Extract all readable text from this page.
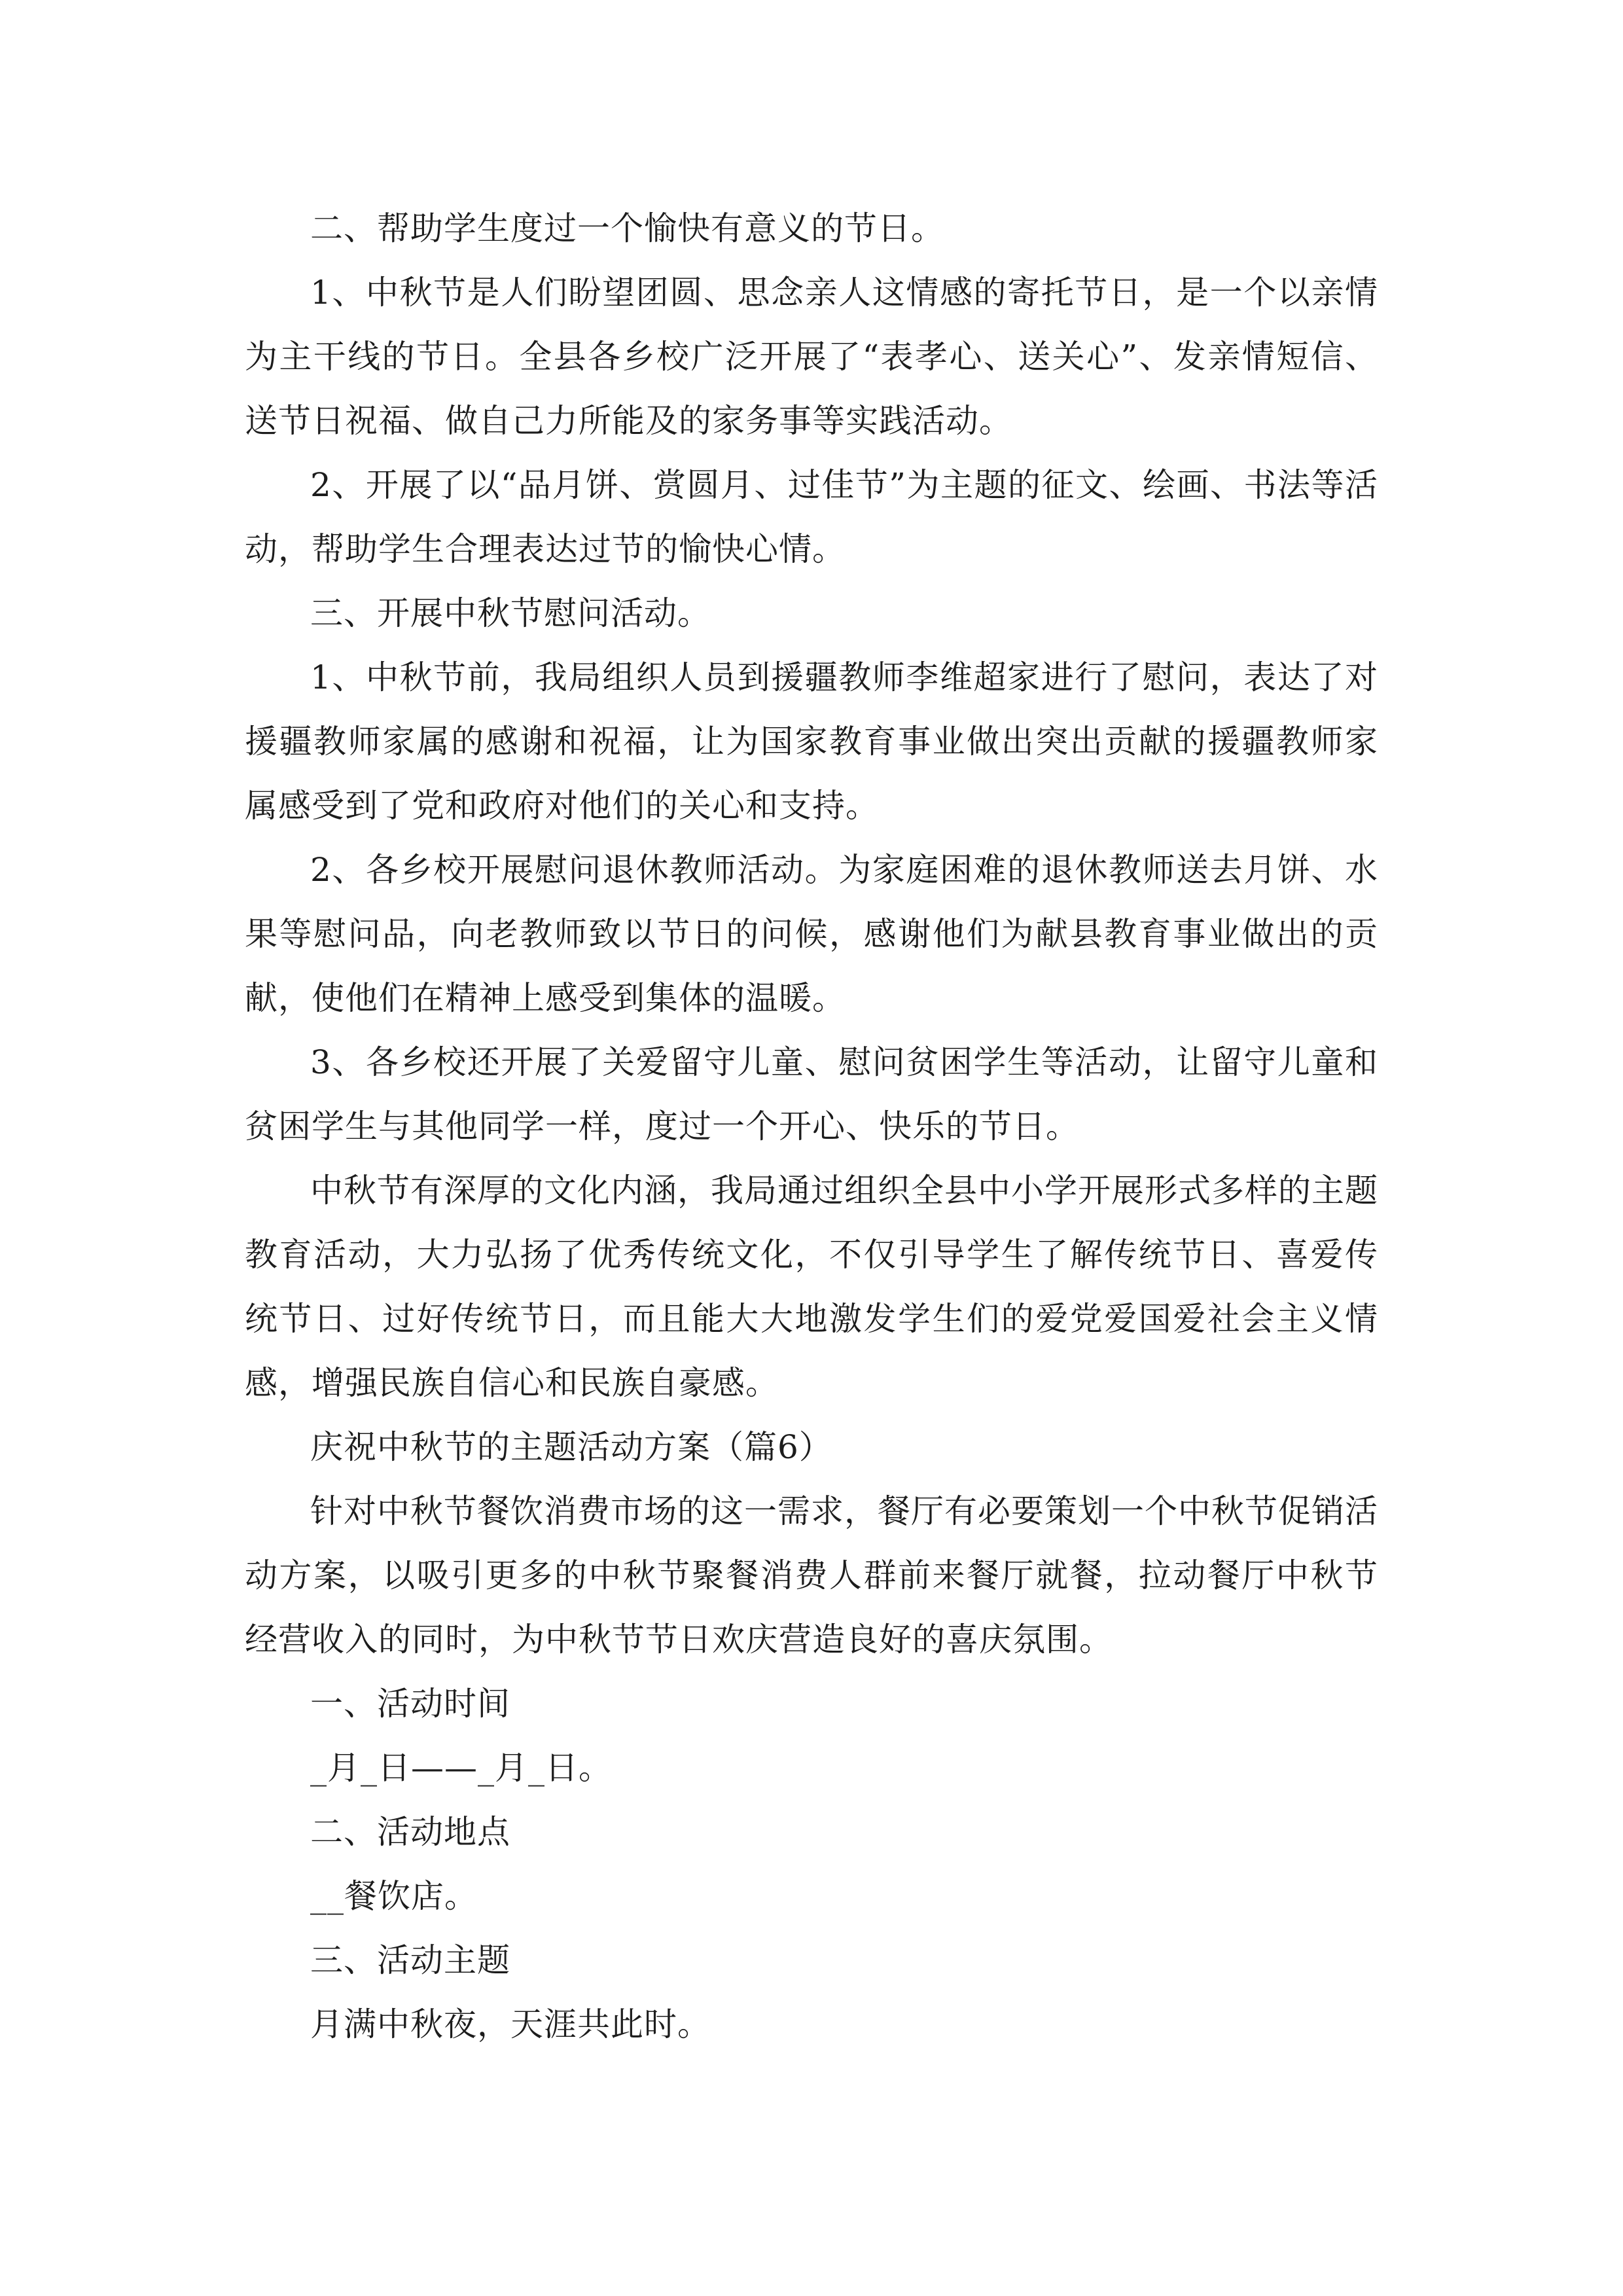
二、帮助学生度过一个愉快有意义的节日。

1、中秋节是人们盼望团圆、思念亲人这情感的寄托节日，是一个以亲情为主干线的节日。全县各乡校广泛开展了“表孝心、送关心”、发亲情短信、送节日祝福、做自己力所能及的家务事等实践活动。

2、开展了以“品月饼、赏圆月、过佳节”为主题的征文、绘画、书法等活动，帮助学生合理表达过节的愉快心情。

三、开展中秋节慰问活动。

1、中秋节前，我局组织人员到援疆教师李维超家进行了慰问，表达了对援疆教师家属的感谢和祝福，让为国家教育事业做出突出贡献的援疆教师家属感受到了党和政府对他们的关心和支持。

2、各乡校开展慰问退休教师活动。为家庭困难的退休教师送去月饼、水果等慰问品，向老教师致以节日的问候，感谢他们为献县教育事业做出的贡献，使他们在精神上感受到集体的温暖。

3、各乡校还开展了关爱留守儿童、慰问贫困学生等活动，让留守儿童和贫困学生与其他同学一样，度过一个开心、快乐的节日。

中秋节有深厚的文化内涵，我局通过组织全县中小学开展形式多样的主题教育活动，大力弘扬了优秀传统文化，不仅引导学生了解传统节日、喜爱传统节日、过好传统节日，而且能大大地激发学生们的爱党爱国爱社会主义情感，增强民族自信心和民族自豪感。

庆祝中秋节的主题活动方案（篇6）

针对中秋节餐饮消费市场的这一需求，餐厅有必要策划一个中秋节促销活动方案，以吸引更多的中秋节聚餐消费人群前来餐厅就餐，拉动餐厅中秋节经营收入的同时，为中秋节节日欢庆营造良好的喜庆氛围。

一、活动时间

_月_日——_月_日。

二、活动地点

__餐饮店。

三、活动主题

月满中秋夜，天涯共此时。
